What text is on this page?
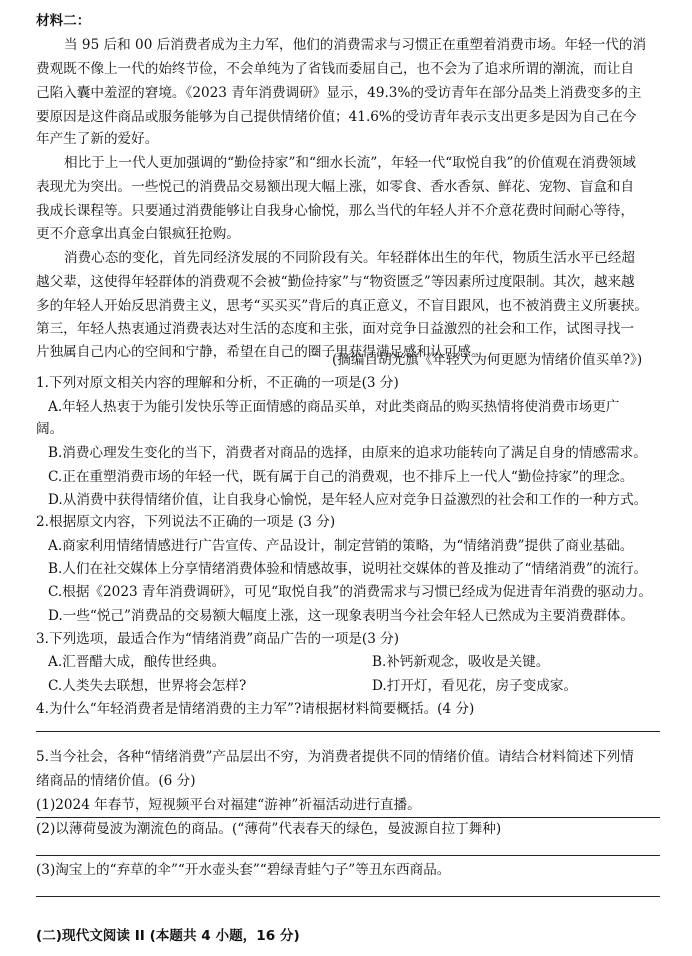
材料二：
当 95 后和 00 后消费者成为主力军，他们的消费需求与习惯正在重塑着消费市场。年轻一代的消
费观既不像上一代的始终节俭，不会单纯为了省钱而委屈自己，也不会为了追求所谓的潮流，而让自
己陷入囊中羞涩的窘境。《2023 青年消费调研》显示，49.3%的受访青年在部分品类上消费变多的主
要原因是这件商品或服务能够为自己提供情绪价值；41.6%的受访青年表示支出更多是因为自己在今
年产生了新的爱好。
相比于上一代人更加强调的“勤俭持家”和“细水长流”，年轻一代“取悦自我”的价值观在消费领域
表现尤为突出。一些悦己的消费品交易额出现大幅上涨，如零食、香水香氛、鲜花、宠物、盲盒和自
我成长课程等。只要通过消费能够让自我身心愉悦，那么当代的年轻人并不介意花费时间耐心等待，
更不介意拿出真金白银疯狂抢购。
消费心态的变化，首先同经济发展的不同阶段有关。年轻群体出生的年代，物质生活水平已经超
越父辈，这使得年轻群体的消费观不会被“勤俭持家”与“物资匮乏”等因素所过度限制。其次，越来越
多的年轻人开始反思消费主义，思考“买买买”背后的真正意义，不盲目跟风，也不被消费主义所裹挟。
第三，年轻人热衷通过消费表达对生活的态度和主张，面对竞争日益激烈的社会和工作，试图寻找一
片独属自己内心的空间和宁静，希望在自己的圈子里获得满足感和认可感。
(摘编自胡光旗《年轻人为何更愿为情绪价值买单?》)
1.下列对原文相关内容的理解和分析，不正确的一项是(3 分)
A.年轻人热衷于为能引发快乐等正面情感的商品买单，对此类商品的购买热情将使消费市场更广
阔。
B.消费心理发生变化的当下，消费者对商品的选择，由原来的追求功能转向了满足自身的情感需求。
C.正在重塑消费市场的年轻一代，既有属于自己的消费观，也不排斥上一代人“勤俭持家”的理念。
D.从消费中获得情绪价值，让自我身心愉悦，是年轻人应对竞争日益激烈的社会和工作的一种方式。
2.根据原文内容，下列说法不正确的一项是 (3 分)
A.商家利用情绪情感进行广告宣传、产品设计，制定营销的策略，为“情绪消费”提供了商业基础。
B.人们在社交媒体上分享情绪消费体验和情感故事，说明社交媒体的普及推动了“情绪消费”的流行。
C.根据《2023 青年消费调研》，可见“取悦自我”的消费需求与习惯已经成为促进青年消费的驱动力。
D.一些“悦己”消费品的交易额大幅度上涨，这一现象表明当今社会年轻人已然成为主要消费群体。
3.下列选项，最适合作为“情绪消费”商品广告的一项是(3 分)
A.汇晋醋大成，酿传世经典。	B.补钙新观念，吸收是关键。
C.人类失去联想，世界将会怎样?	D.打开灯，看见花，房子变成家。
4.为什么“年轻消费者是情绪消费的主力军”?请根据材料简要概括。(4 分)
5.当今社会，各种“情绪消费”产品层出不穷，为消费者提供不同的情绪价值。请结合材料简述下列情
绪商品的情绪价值。(6 分)
(1)2024 年春节，短视频平台对福建“游神”祈福活动进行直播。
(2)以薄荷曼波为潮流色的商品。(“薄荷”代表春天的绿色，曼波源自拉丁舞种)
(3)淘宝上的“弃草的伞”“开水壶头套”“碧绿青蛙勺子”等丑东西商品。
(二)现代文阅读 II (本题共 4 小题，16 分)
